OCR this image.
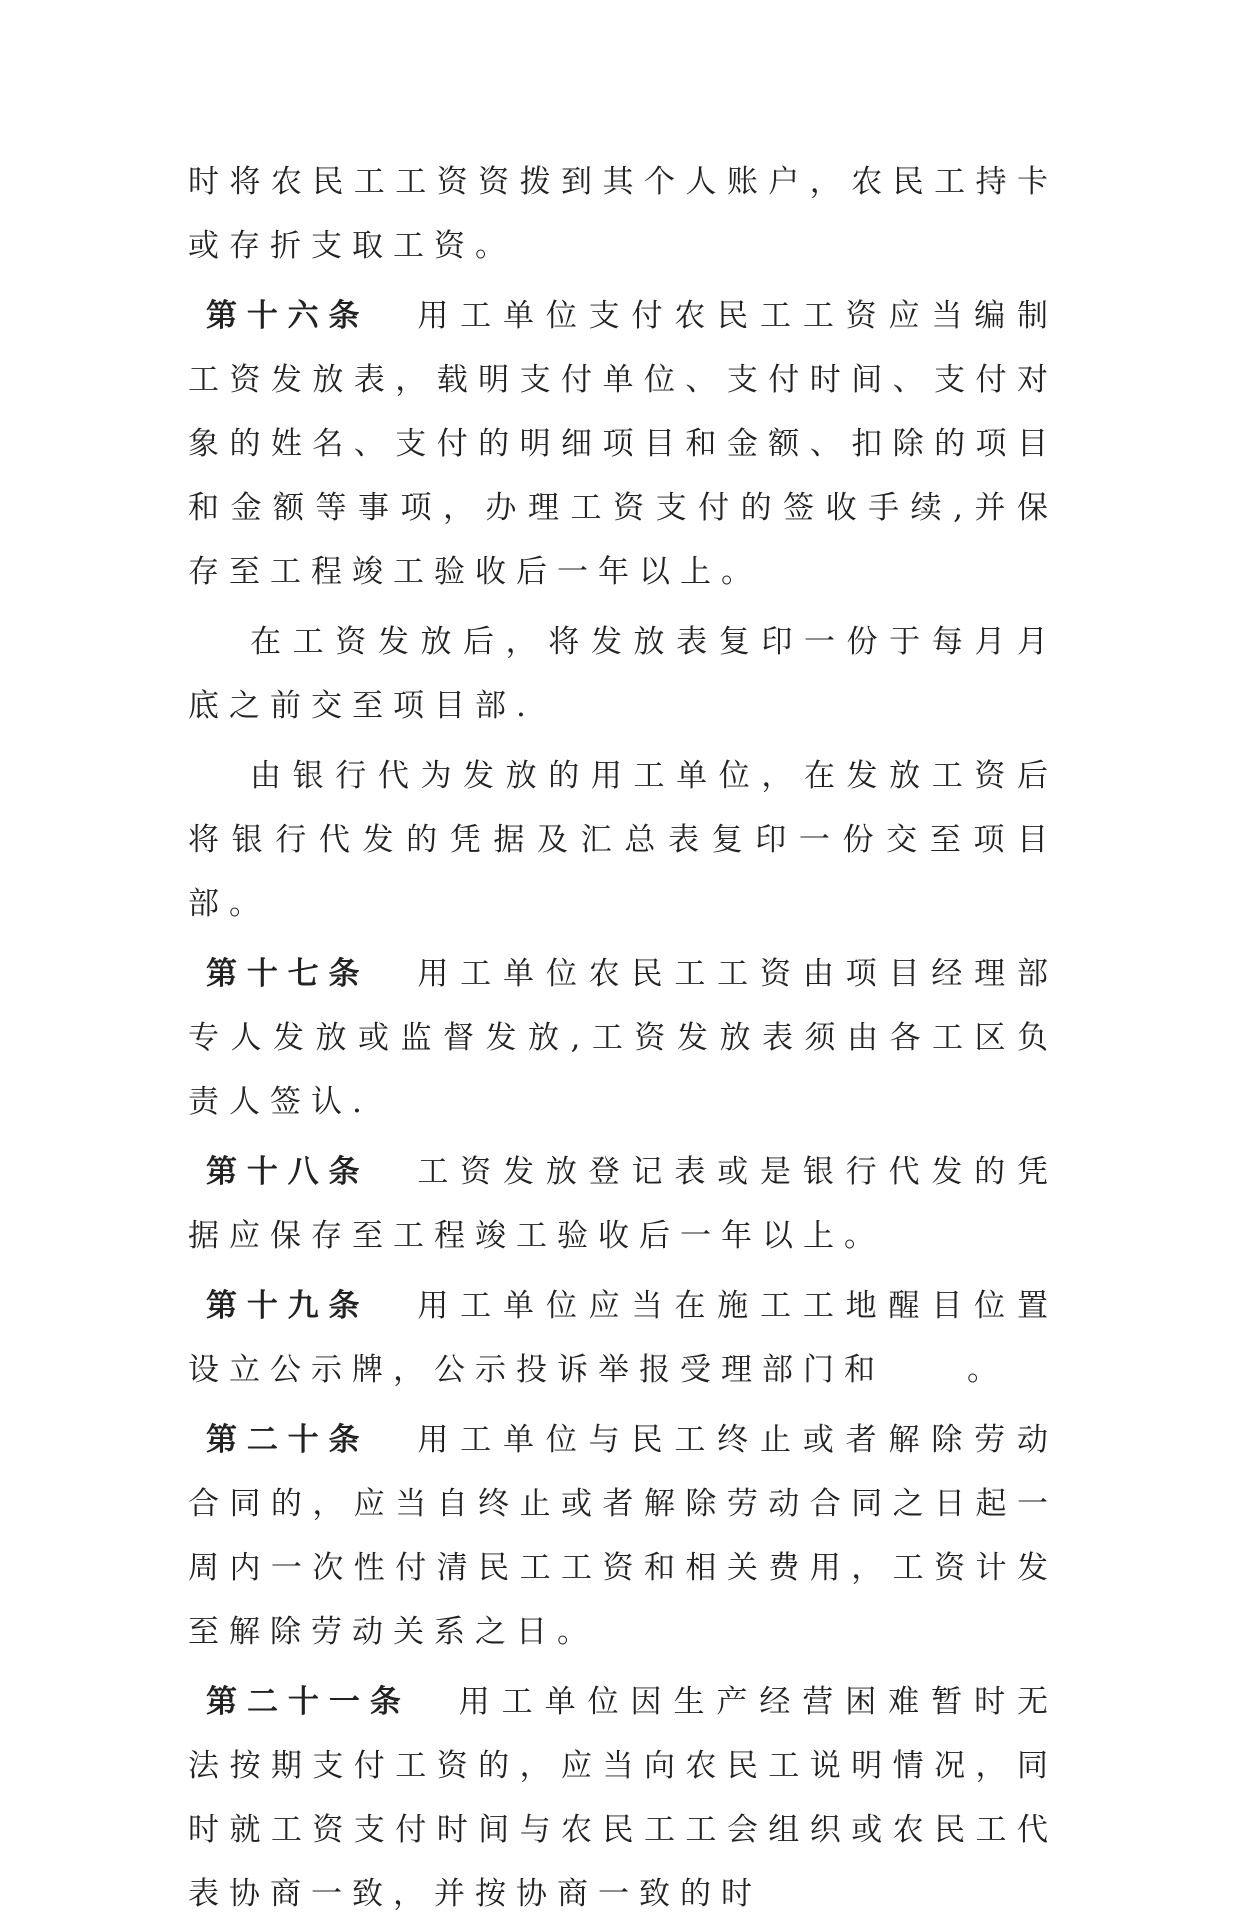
时将农民工工资资拨到其个人账户，农民工持卡或存折支取工资。

第十六条 用工单位支付农民工工资应当编制工资发放表，载明支付单位、支付时间、支付对象的姓名、支付的明细项目和金额、扣除的项目和金额等事项，办理工资支付的签收手续,并保存至工程竣工验收后一年以上。

在工资发放后，将发放表复印一份于每月月底之前交至项目部.

由银行代为发放的用工单位，在发放工资后将银行代发的凭据及汇总表复印一份交至项目部。

第十七条 用工单位农民工工资由项目经理部专人发放或监督发放,工资发放表须由各工区负责人签认.

第十八条 工资发放登记表或是银行代发的凭据应保存至工程竣工验收后一年以上。

第十九条 用工单位应当在施工工地醒目位置设立公示牌，公示投诉举报受理部门和　　。

第二十条 用工单位与民工终止或者解除劳动合同的，应当自终止或者解除劳动合同之日起一周内一次性付清民工工资和相关费用，工资计发至解除劳动关系之日。

第二十一条 用工单位因生产经营困难暂时无法按期支付工资的，应当向农民工说明情况，同时就工资支付时间与农民工工会组织或农民工代表协商一致，并按协商一致的时
